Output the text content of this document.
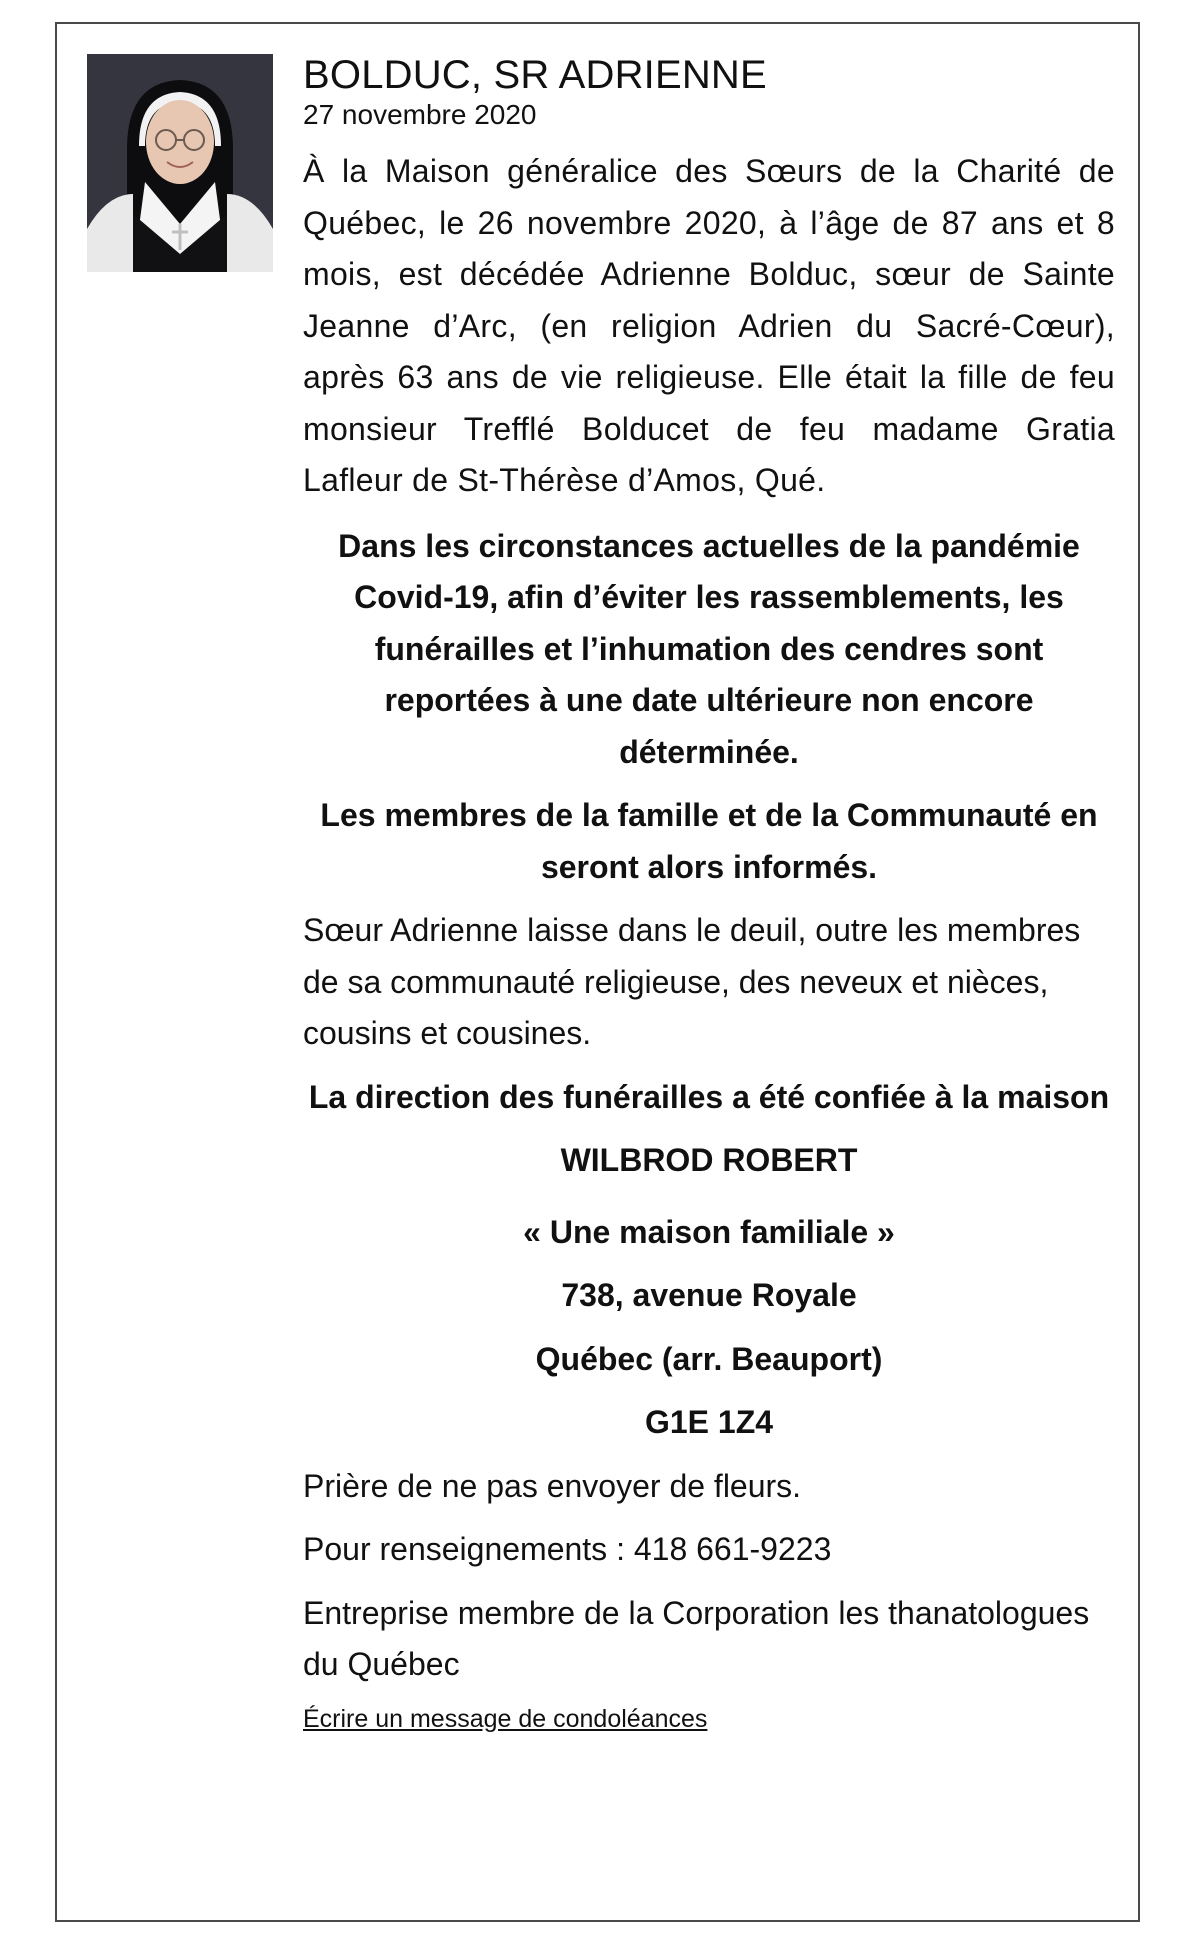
BOLDUC, SR ADRIENNE

27 novembre 2020

À la Maison généralice des Sœurs de la Charité de Québec, le 26 novembre 2020, à l’âge de 87 ans et 8 mois, est décédée Adrienne Bolduc, sœur de Sainte Jeanne d’Arc, (en religion Adrien du Sacré-Cœur), après 63 ans de vie religieuse. Elle était la fille de feu monsieur Trefflé Bolducet de feu madame Gratia Lafleur de St-Thérèse d’Amos, Qué.

Dans les circonstances actuelles de la pandémie Covid-19, afin d’éviter les rassemblements, les funérailles et l’inhumation des cendres sont reportées à une date ultérieure non encore déterminée.

Les membres de la famille et de la Communauté en seront alors informés.

Sœur Adrienne laisse dans le deuil, outre les membres de sa communauté religieuse, des neveux et nièces, cousins et cousines.

La direction des funérailles a été confiée à la maison

WILBROD ROBERT

« Une maison familiale »

738, avenue Royale

Québec (arr. Beauport)

G1E 1Z4

Prière de ne pas envoyer de fleurs.

Pour renseignements : 418 661-9223

Entreprise membre de la Corporation les thanatologues du Québec

Écrire un message de condoléances
